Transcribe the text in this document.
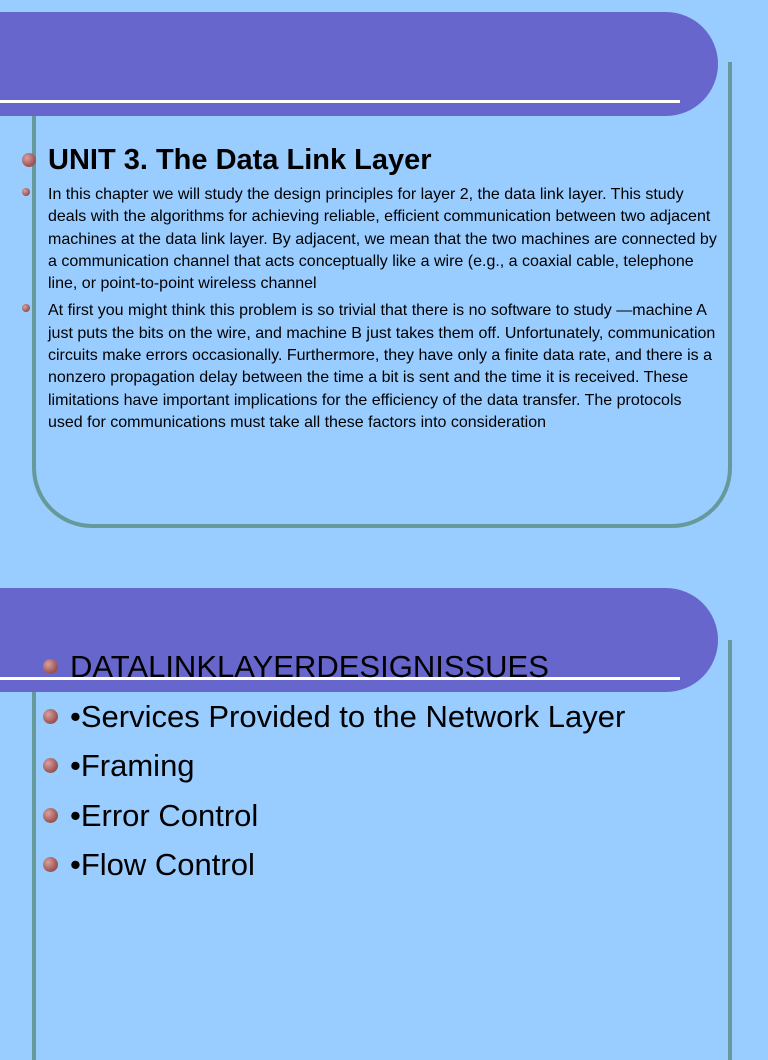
UNIT 3. The Data Link Layer
In this chapter we will study the design principles for layer 2, the data link layer. This study deals with the algorithms for achieving reliable, efficient communication between two adjacent machines at the data link layer. By adjacent, we mean that the two machines are connected by a communication channel that acts conceptually like a wire (e.g., a coaxial cable, telephone line, or point-to-point wireless channel
At first you might think this problem is so trivial that there is no software to study —machine A just puts the bits on the wire, and machine B just takes them off. Unfortunately, communication circuits make errors occasionally. Furthermore, they have only a finite data rate, and there is a nonzero propagation delay between the time a bit is sent and the time it is received. These limitations have important implications for the efficiency of the data transfer. The protocols used for communications must take all these factors into consideration
DATALINKLAYERDESIGNISSUES
•Services Provided to the Network Layer
•Framing
•Error Control
•Flow Control
